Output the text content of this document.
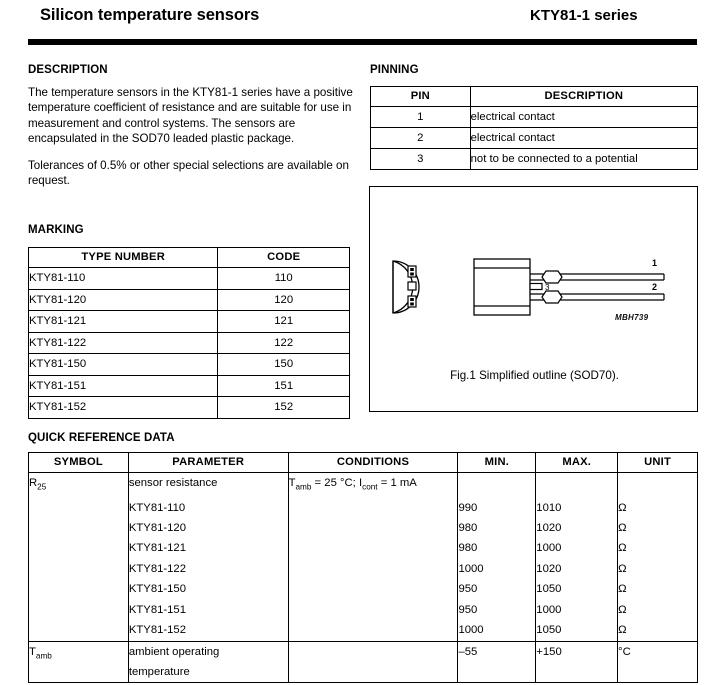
Silicon temperature sensors	KTY81-1 series
DESCRIPTION

The temperature sensors in the KTY81-1 series have a positive temperature coefficient of resistance and are suitable for use in measurement and control systems. The sensors are encapsulated in the SOD70 leaded plastic package.

Tolerances of 0.5% or other special selections are available on request.

MARKING
TYPE NUMBER	CODE
KTY81-110	110
KTY81-120	120
KTY81-121	121
KTY81-122	122
KTY81-150	150
KTY81-151	151
KTY81-152	152
PINNING
PIN	DESCRIPTION
1	electrical contact
2	electrical contact
3	not to be connected to a potential
1
2
3
MBH739
Fig.1 Simplified outline (SOD70).
QUICK REFERENCE DATA
SYMBOL	PARAMETER	CONDITIONS	MIN.	MAX.	UNIT
$R_{25}$	sensor resistance	$T_{amb} = 25$ °C; $I_{cont} = 1$ mA			
	KTY81-110		990	1010	Ω
	KTY81-120		980	1020	Ω
	KTY81-121		980	1000	Ω
	KTY81-122		1000	1020	Ω
	KTY81-150		950	1050	Ω
	KTY81-151		950	1000	Ω
	KTY81-152		1000	1050	Ω
$T_{amb}$	ambient operating
temperature		–55	+150	°C
